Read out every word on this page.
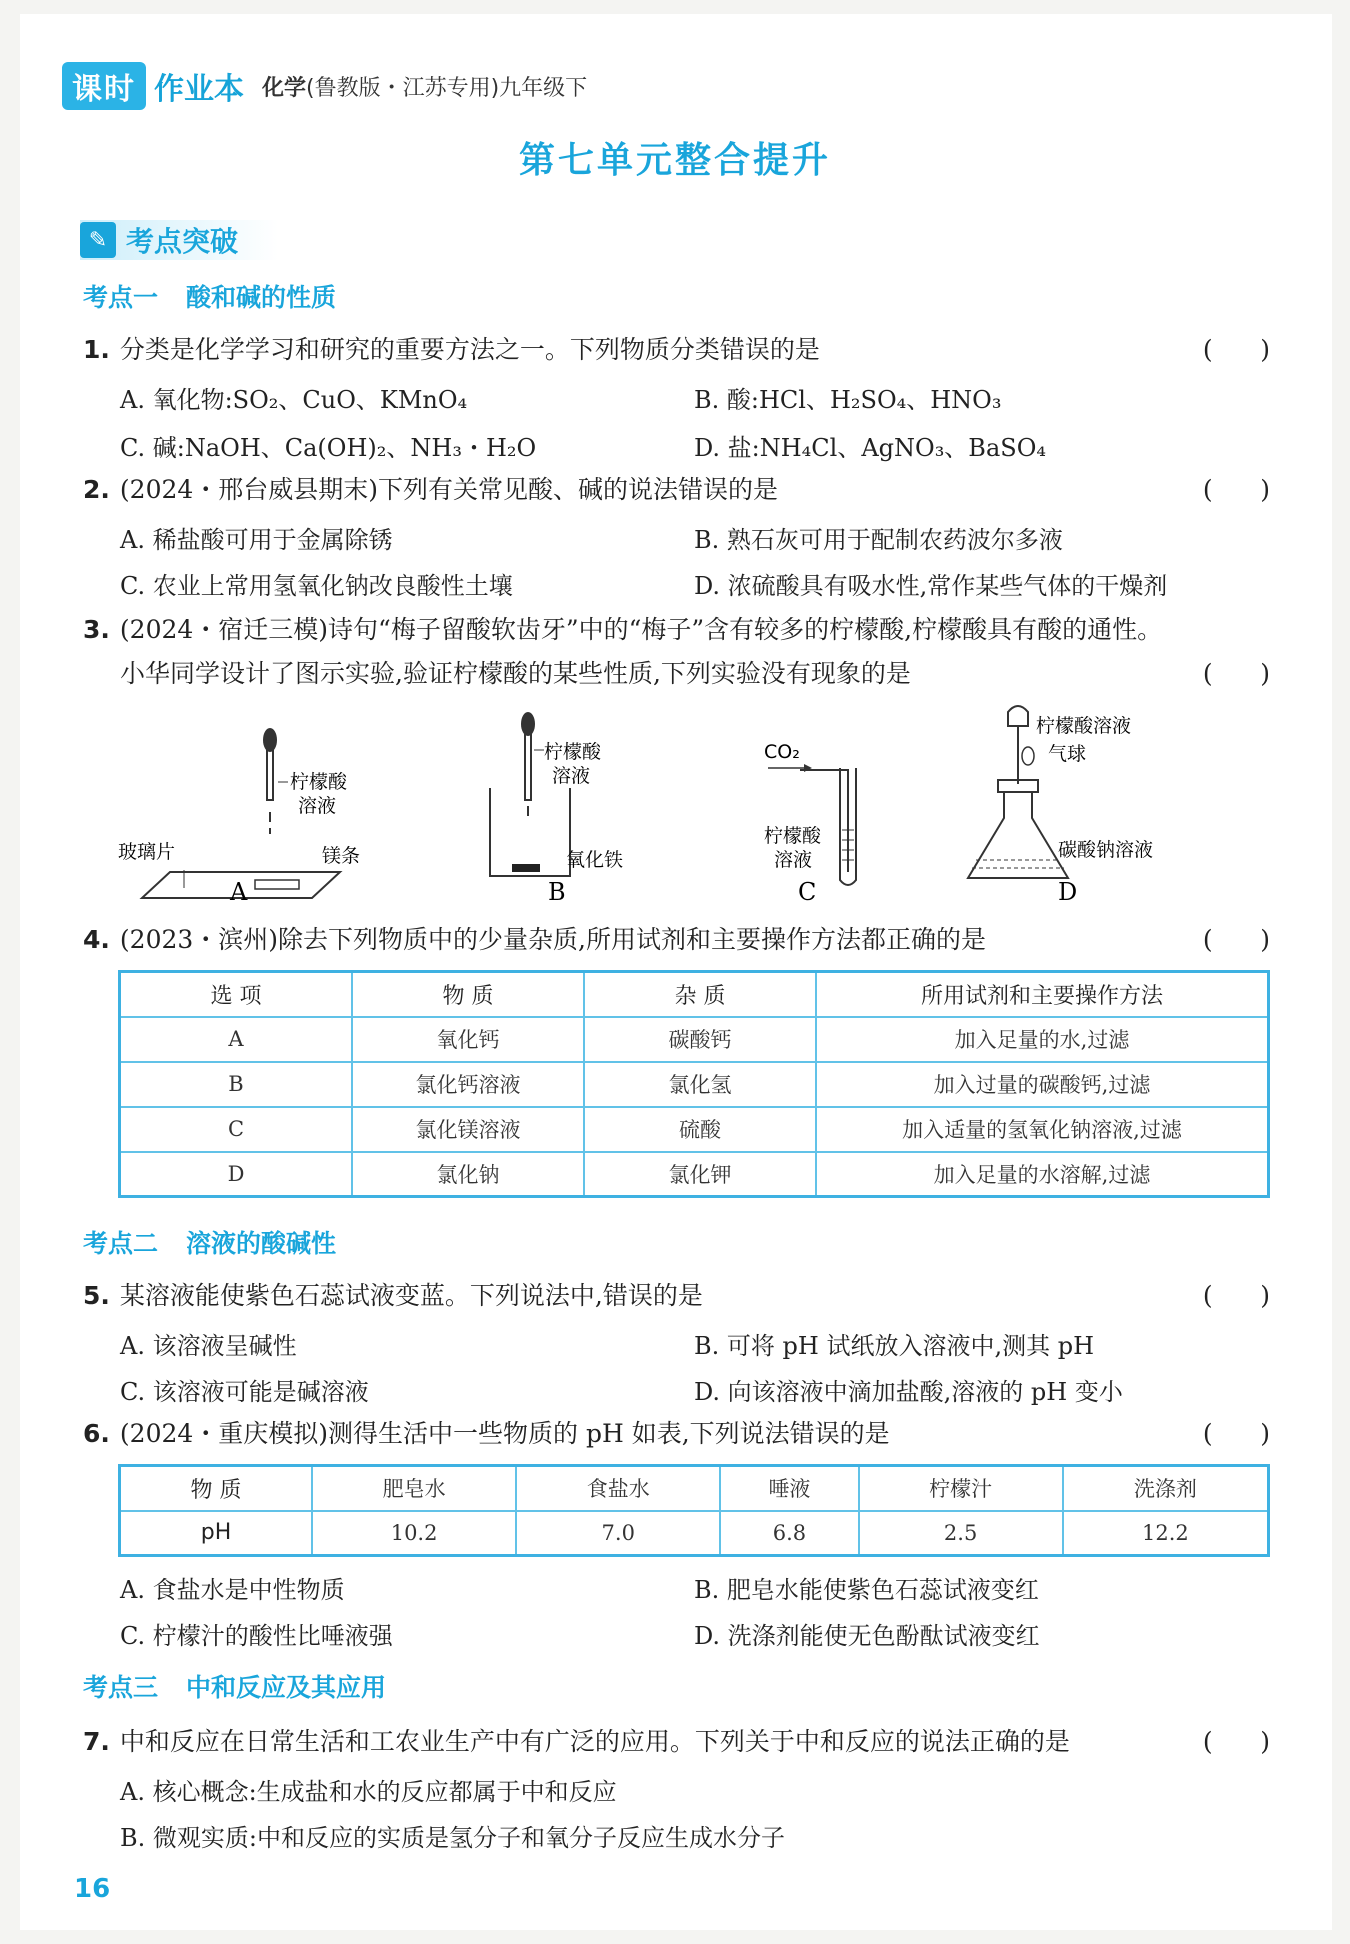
课时 作业本 化学(鲁教版・江苏专用)九年级下
第七单元整合提升
✎ 考点突破
考点一 酸和碱的性质
1. 分类是化学学习和研究的重要方法之一。下列物质分类错误的是	(      )
A. 氧化物:SO₂、CuO、KMnO₄	B. 酸:HCl、H₂SO₄、HNO₃
C. 碱:NaOH、Ca(OH)₂、NH₃・H₂O	D. 盐:NH₄Cl、AgNO₃、BaSO₄
2. (2024・邢台威县期末)下列有关常见酸、碱的说法错误的是	(      )
A. 稀盐酸可用于金属除锈	B. 熟石灰可用于配制农药波尔多液
C. 农业上常用氢氧化钠改良酸性土壤	D. 浓硫酸具有吸水性,常作某些气体的干燥剂
3. (2024・宿迁三模)诗句“梅子留酸软齿牙”中的“梅子”含有较多的柠檬酸,柠檬酸具有酸的通性。
小华同学设计了图示实验,验证柠檬酸的某些性质,下列实验没有现象的是	(      )
柠檬酸
溶液
玻璃片	镁条
A
柠檬酸
溶液
氧化铁
B
CO₂
柠檬酸
溶液
C
柠檬酸溶液
气球
碳酸钠溶液
D
4. (2023・滨州)除去下列物质中的少量杂质,所用试剂和主要操作方法都正确的是	(      )
选 项	物 质	杂 质	所用试剂和主要操作方法
A	氧化钙	碳酸钙	加入足量的水,过滤
B	氯化钙溶液	氯化氢	加入过量的碳酸钙,过滤
C	氯化镁溶液	硫酸	加入适量的氢氧化钠溶液,过滤
D	氯化钠	氯化钾	加入足量的水溶解,过滤
考点二 溶液的酸碱性
5. 某溶液能使紫色石蕊试液变蓝。下列说法中,错误的是	(      )
A. 该溶液呈碱性	B. 可将 pH 试纸放入溶液中,测其 pH
C. 该溶液可能是碱溶液	D. 向该溶液中滴加盐酸,溶液的 pH 变小
6. (2024・重庆模拟)测得生活中一些物质的 pH 如表,下列说法错误的是	(      )
物 质	肥皂水	食盐水	唾液	柠檬汁	洗涤剂
pH	10.2	7.0	6.8	2.5	12.2
A. 食盐水是中性物质	B. 肥皂水能使紫色石蕊试液变红
C. 柠檬汁的酸性比唾液强	D. 洗涤剂能使无色酚酞试液变红
考点三 中和反应及其应用
7. 中和反应在日常生活和工农业生产中有广泛的应用。下列关于中和反应的说法正确的是	(      )
A. 核心概念:生成盐和水的反应都属于中和反应
B. 微观实质:中和反应的实质是氢分子和氧分子反应生成水分子
16
